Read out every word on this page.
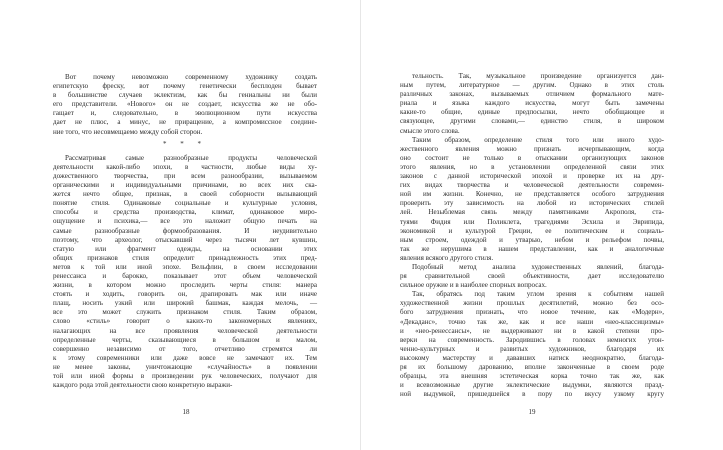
Вот почему невозможно современному художнику создать
египетскую фреску, вот почему генетически бесплоден бывает
в большинстве случаев эклектизм, как бы гениальны ни были
его представители. «Нового» он не создает, искусства же не обо-
гащает и, следовательно, в эволюционном пути искусства
дает не плюс, а минус, не приращение, а компромиссное соедине-
ние того, что несовмещаемо между собой сторон.
* * *
Рассматривая самые разнообразные продукты человеческой
деятельности какой-либо эпохи, в частности, любые виды ху-
дожественного творчества, при всем разнообразии, вызываемом
органическими и индивидуальными причинами, во всех них ска-
жется нечто общее, признак, в своей соборности вызывающий
понятие стиля. Одинаковые социальные и культурные условия,
способы и средства производства, климат, одинаковое миро-
ощущение и психика,— все это наложит общую печать на
самые разнообразные формообразования. И неудивительно
поэтому, что археолог, отыскавший через тысячи лет кувшин,
статую или фрагмент одежды, на основании этих
общих признаков стиля определит принадлежность этих пред-
метов к той или иной эпохе. Вельфлин, в своем исследовании
ренессанса и барокко, показывает этот объем человеческой
жизни, в котором можно проследить черты стиля: манера
стоять и ходить, говорить он, драпировать мак или иначе
плащ, носить узкий или широкий башмак, каждая мелочь, —
все это может служить признаком стиля. Таким образом,
слово «стиль» говорит о каких-то закономерных явлениях,
налагающих на все проявления человеческой деятельности
определенные черты, сказывающиеся в большом и малом,
совершенно независимо от того, отчетливо стремятся ли
к этому современники или даже вовсе не замечают их. Тем
не менее законы, уничтожающие «случайность» в появлении
той или иной формы в произведении рук человеческих, получают для
каждого рода этой деятельности свою конкретную выражи-
18
тельность. Так, музыкальное произведение организуется дан-
ным путем, литературное — другим. Однако в этих столь
различных законах, вызываемых отличием формального мате-
риала и языка каждого искусства, могут быть замечены
какие-то общие, единые предпосылки, нечто обобщающее и
связующее, другими словами,— единство стиля, в широком
смысле этого слова.
Таким образом, определение стиля того или иного худо-
жественного явления можно признать исчерпывающим, когда
оно состоит не только в отыскании организующих законов
этого явления, но в установлении определенной связи этих
законов с данной исторической эпохой и проверке их на дру-
гих видах творчества и человеческой деятельности современ-
ной им жизни. Конечно, не представляется особого затруднения
проверить эту зависимость на любой из исторических стилей
лей. Незыблемая связь между памятниками Акрополя, ста-
туями Фидия или Поликлета, трагедиями Эсхила и Эврипида,
экономикой и культурой Греции, ее политическим и социаль-
ным строем, одеждой и утварью, небом и рельефом почвы,
так же нерушима в нашем представлении, как и аналогичные
явления всякого другого стиля.
Подобный метод анализа художественных явлений, благода-
ря сравнительной своей объективности, дает исследователю
сильное оружие и в наиболее спорных вопросах.
Так, обратясь под таким углом зрения к событиям нашей
художественной жизни прошлых десятилетий, можно без осо-
бого затруднения признать, что новое течение, как «Модерн»,
«Декаданс», точно так же, как и все наши «нео-классицизмы»
и «нео-ренессансы», не выдерживают ни в какой степени про-
верки на современность. Зародившись в головах немногих утон-
ченно-культурных и развитых художников, благодаря их
высокому мастерству и дававших натиск неоднократно, благода-
ря их большому дарованию, вполне законченные в своем роде
образцы, эта внешняя эстетическая корка точно так же, как
и всевозможные другие эклектические выдумки, являются празд-
ной выдумкой, пришедшейся в пору по вкусу узкому кругу
19
